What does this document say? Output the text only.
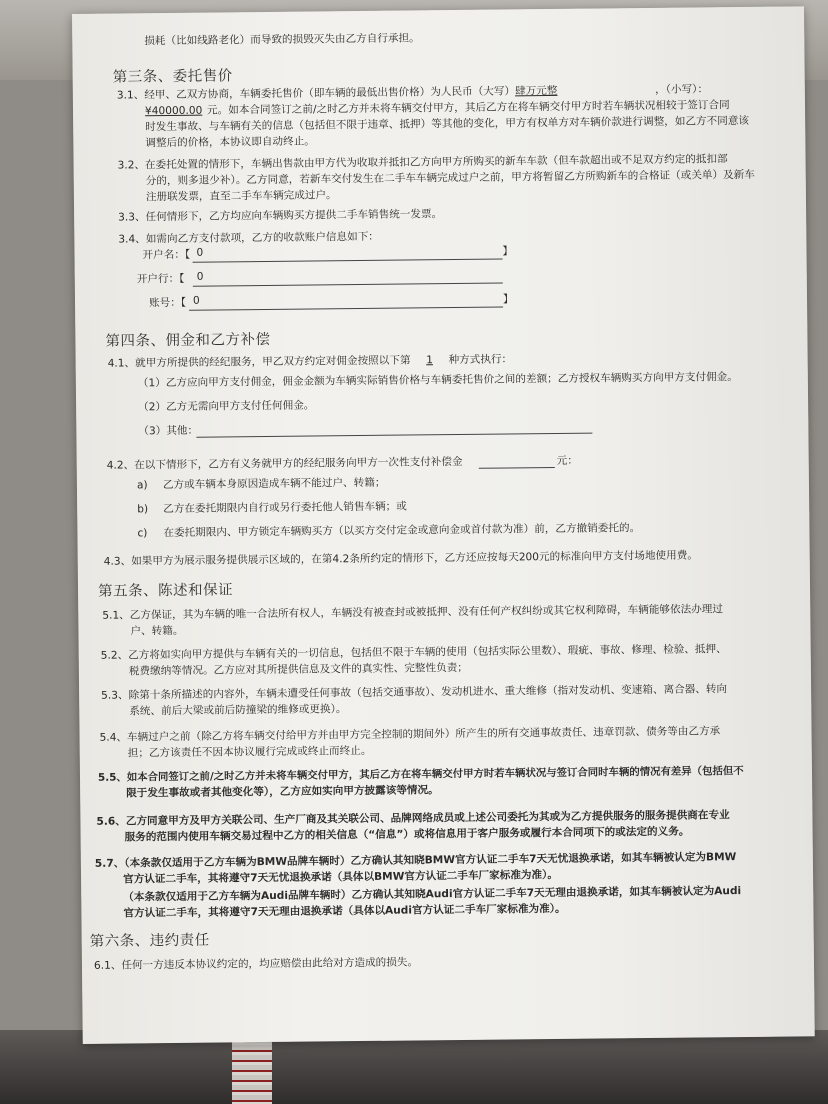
损耗（比如线路老化）而导致的损毁灭失由乙方自行承担。
第三条、委托售价
3.1、经甲、乙双方协商，车辆委托售价（即车辆的最低出售价格）为人民币（大写）肆万元整	，（小写）：
¥40000.00 元。如本合同签订之前/之时乙方并未将车辆交付甲方，其后乙方在将车辆交付甲方时若车辆状况相较于签订合同
时发生事故、与车辆有关的信息（包括但不限于违章、抵押）等其他的变化，甲方有权单方对车辆价款进行调整，如乙方不同意该
调整后的价格，本协议即自动终止。
3.2、在委托处置的情形下，车辆出售款由甲方代为收取并抵扣乙方向甲方所购买的新车车款（但车款超出或不足双方约定的抵扣部
分的，则多退少补）。乙方同意，若新车交付发生在二手车车辆完成过户之前，甲方将暂留乙方所购新车的合格证（或关单）及新车
注册联发票，直至二手车车辆完成过户。
3.3、任何情形下，乙方均应向车辆购买方提供二手车销售统一发票。
3.4、如需向乙方支付款项，乙方的收款账户信息如下：
开户名：【 0	】
开户行：【 0
账号：【 0	】
第四条、佣金和乙方补偿
4.1、就甲方所提供的经纪服务，甲乙双方约定对佣金按照以下第 1 种方式执行：
（1）乙方应向甲方支付佣金，佣金金额为车辆实际销售价格与车辆委托售价之间的差额；乙方授权车辆购买方向甲方支付佣金。
（2）乙方无需向甲方支付任何佣金。
（3）其他：
4.2、在以下情形下，乙方有义务就甲方的经纪服务向甲方一次性支付补偿金	元：
a) 乙方或车辆本身原因造成车辆不能过户、转籍；
b) 乙方在委托期限内自行或另行委托他人销售车辆；或
c) 在委托期限内、甲方锁定车辆购买方（以买方交付定金或意向金或首付款为准）前，乙方撤销委托的。
4.3、如果甲方为展示服务提供展示区域的，在第4.2条所约定的情形下，乙方还应按每天200元的标准向甲方支付场地使用费。
第五条、陈述和保证
5.1、乙方保证，其为车辆的唯一合法所有权人，车辆没有被查封或被抵押、没有任何产权纠纷或其它权利障碍，车辆能够依法办理过
户、转籍。
5.2、乙方将如实向甲方提供与车辆有关的一切信息，包括但不限于车辆的使用（包括实际公里数）、瑕疵、事故、修理、检验、抵押、
税费缴纳等情况。乙方应对其所提供信息及文件的真实性、完整性负责；
5.3、除第十条所描述的内容外，车辆未遭受任何事故（包括交通事故）、发动机进水、重大维修（指对发动机、变速箱、离合器、转向
系统、前后大梁或前后防撞梁的维修或更换）。
5.4、车辆过户之前（除乙方将车辆交付给甲方并由甲方完全控制的期间外）所产生的所有交通事故责任、违章罚款、债务等由乙方承
担；乙方该责任不因本协议履行完成或终止而终止。
5.5、如本合同签订之前/之时乙方并未将车辆交付甲方，其后乙方在将车辆交付甲方时若车辆状况与签订合同时车辆的情况有差异（包括但不
限于发生事故或者其他变化等），乙方应如实向甲方披露该等情况。
5.6、乙方同意甲方及甲方关联公司、生产厂商及其关联公司、品牌网络成员或上述公司委托为其或为乙方提供服务的服务提供商在专业
服务的范围内使用车辆交易过程中乙方的相关信息（“信息”）或将信息用于客户服务或履行本合同项下的或法定的义务。
5.7、（本条款仅适用于乙方车辆为BMW品牌车辆时）乙方确认其知晓BMW官方认证二手车7天无忧退换承诺，如其车辆被认定为BMW
官方认证二手车，其将遵守7天无忧退换承诺（具体以BMW官方认证二手车厂家标准为准）。
（本条款仅适用于乙方车辆为Audi品牌车辆时）乙方确认其知晓Audi官方认证二手车7天无理由退换承诺，如其车辆被认定为Audi
官方认证二手车，其将遵守7天无理由退换承诺（具体以Audi官方认证二手车厂家标准为准）。
第六条、违约责任
6.1、任何一方违反本协议约定的，均应赔偿由此给对方造成的损失。
